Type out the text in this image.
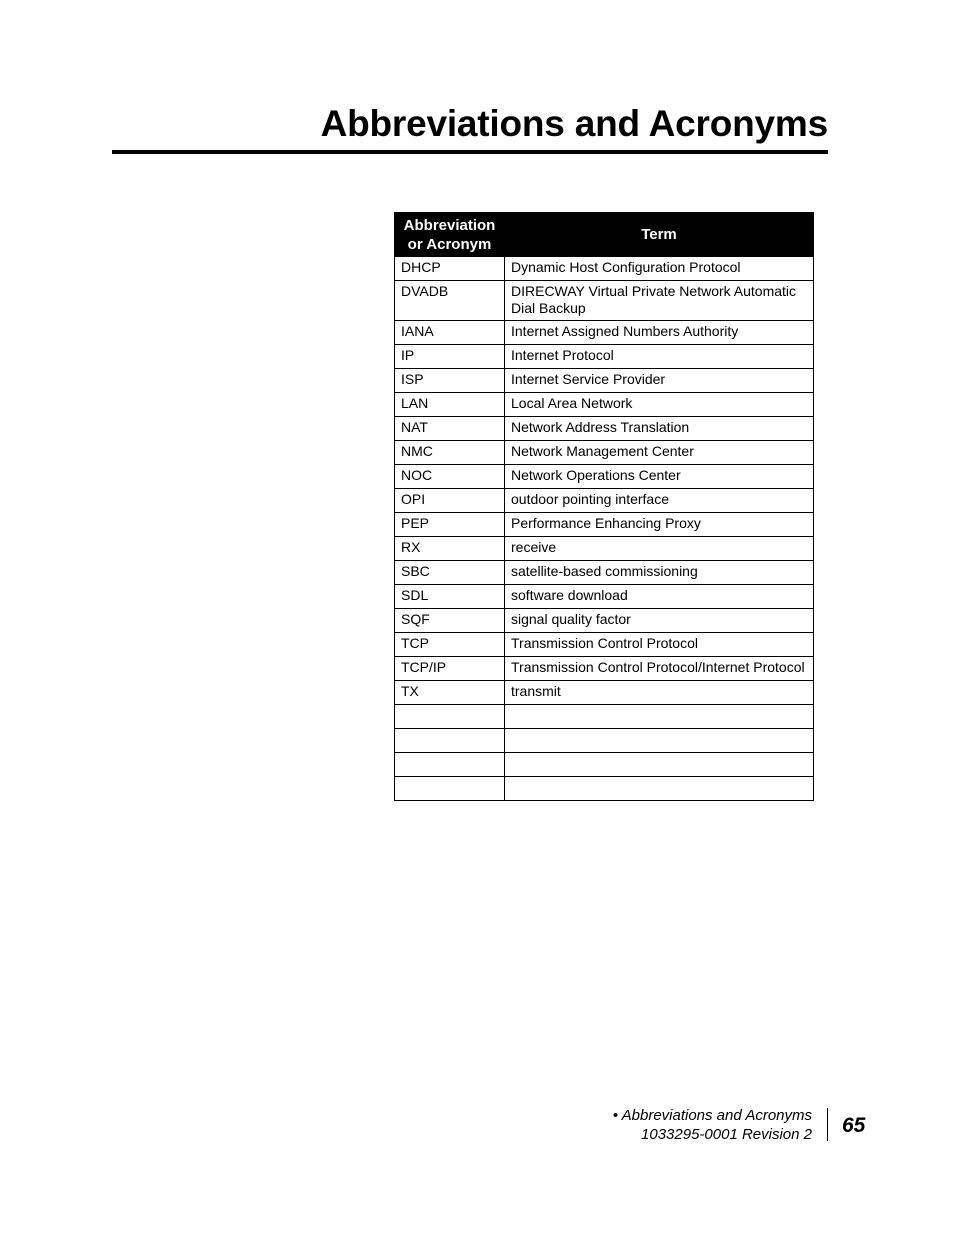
Abbreviations and Acronyms
Abbreviation
or Acronym	Term
DHCP	Dynamic Host Configuration Protocol
DVADB	DIRECWAY Virtual Private Network Automatic Dial Backup
IANA	Internet Assigned Numbers Authority
IP	Internet Protocol
ISP	Internet Service Provider
LAN	Local Area Network
NAT	Network Address Translation
NMC	Network Management Center
NOC	Network Operations Center
OPI	outdoor pointing interface
PEP	Performance Enhancing Proxy
RX	receive
SBC	satellite-based commissioning
SDL	software download
SQF	signal quality factor
TCP	Transmission Control Protocol
TCP/IP	Transmission Control Protocol/Internet Protocol
TX	transmit

• Abbreviations and Acronyms
1033295-0001 Revision 2 65
